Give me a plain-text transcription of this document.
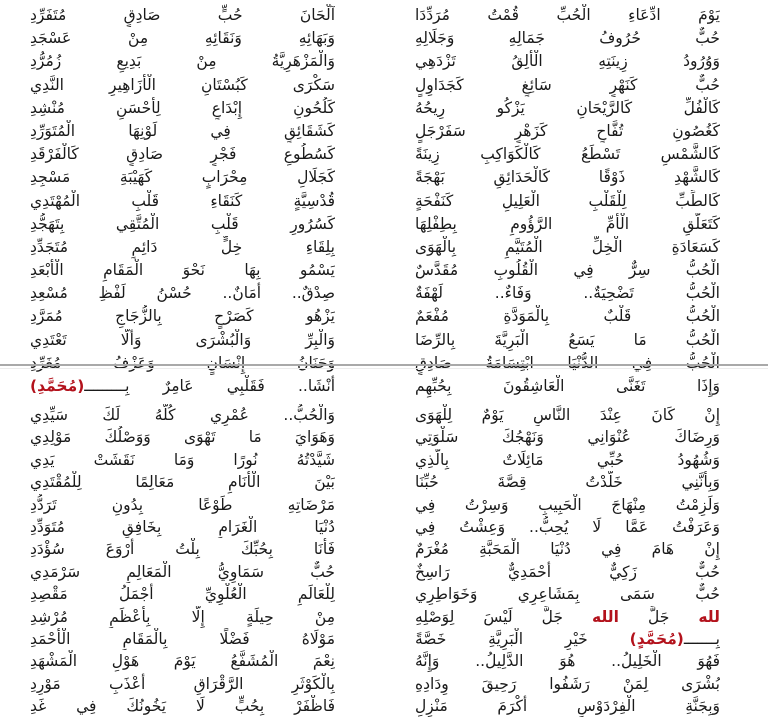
يَوْمَ ادِّعَاءِ الْحُبِّ قُمْتُ مُرَدِّدَا
حُبٌّ حُرُوفُ جَمَالِهِ وَجَلَالِهِ
وَوُرُودُ زِينَتِهِ الْأَلِقُ تَزْدَهِي
حُبٌّ كَنَهْرٍ سَائِغٍ كَجَدَاوِلٍ
كَالْفُلِّ كَالرَّيْحَانِ يَزْكُو رِيحُهُ
كَغُصُونِ تُفَّاحٍ كَزَهْرٍ سَفَرْجَلٍ
كَالشَّمْسِ تَسْطَعُ كَالْكَوَاكِبِ زِينَةً
كَالشَّهْدِ ذَوْقًا كَالْحَدَائِقِ بَهْجَةً
كَالطِّبِّ لِلْقَلْبِ الْعَلِيلِ كَنَفْحَةٍ
كَتَعَلُّقِ الْأُمِّ الرَّؤُومِ بِطِفْلِهَا
كَسَعَادَةِ الْخِلِّ الْمُتَيَّمِ بِالْهَوَى
الْحُبُّ سِرٌّ فِي الْقُلُوبِ مُقَدَّسٌ
الْحُبُّ تَضْحِيَةٌ.. وَفَاءٌ.. لَهْفَةٌ
الْحُبُّ قَلْبٌ بِالْمَوَدَّةِ مُفْعَمٌ
الْحُبُّ مَا يَسَعُ الْبَرِيَّةَ بِالرِّضَا
الْحُبُّ فِي الدُّنْيَا ابْتِسَامَةُ صَادِقٍ
وَإِذَا تَغَنَّى الْعَاشِقُونَ بِحُبِّهِم
آلْحَانَ حُبٍّ صَادِقٍ مُتَفَرِّدِ
وَبَهَائِهِ وَنَقَائِهِ مِنْ عَسْجَدِ
وَالْمَزْهَرِيَّةُ مِنْ بَدِيعِ زُمُرُّدِ
سَكْرَى كَبُسْتَانِ الْأَزَاهِيرِ النَّدِي
كَلُحُونِ إِبْدَاعٍ لِأَحْسَنِ مُنْشِدِ
كَشَقَائِقٍ فِي لَوْنِهَا الْمُتَوَرِّدِ
كَسُطُوعِ فَجْرٍ صَادِقٍ كَالْفَرْقَدِ
كَجَلَالِ مِحْرَابٍ كَهَيْبَةِ مَسْجِدِ
قُدْسِيَّةٍ كَنَقَاءِ قَلْبِ الْمُهْتَدِي
كَسُرُورِ قَلْبِ الْمُتَّقِي بِتَهَجُّدِ
بِلِقَاءِ خِلٍّ دَائِمٍ مُتَجَدِّدِ
يَسْمُو بِهَا نَحْوَ الْمَقَامِ الْأَبْعَدِ
صِدْقٌ.. أَمَانٌ.. حُسْنُ لَفْظِ مُسْعِدِ
يَزْهُو كَصَرْحٍ بِالزُّجَاجِ مُمَرَّدِ
وَالْبِرِّ وَالْبُشْرَى وَأَلَّا تَعْتَدِي
وَحَنَانُ إِنْسَانٍ وَعَزْفُ مُغَرِّدِ
أَنْشَا.. فَقَلْبِي عَامِرٌ بِـــــــــ(مُحَمَّدِ)
إِنْ كَانَ عِنْدَ النَّاسِ يَوْمٌ لِلْهَوَى
وَرِضَاكَ عُنْوَانِي وَنَهْجُكَ سَلْوَتِي
وَشُهُودُ حُبِّي مَائِلَاتٌ بِالَّذِي
وَبِأَنَّنِي خَلَّدْتُ قِصَّةَ حُبِّنَا
وَلَزِمْتُ مِنْهَاجَ الْحَبِيبِ وَسِرْتُ فِي
وَعَرَفْتُ عَمَّا لَا يُحِبُّ.. وَعِشْتُ فِي
إِنْ هَامَ فِي دُنْيَا الْمَحَبَّةِ مُغْرَمٌ
حُبٌّ زَكِيٌّ أَحْمَدِيٌّ رَاسِخٌ
حُبٌّ سَمَى بِمَشَاعِرِي وَخَوَاطِرِي
لله جَلَّ الله جَلَّ لَيْسَ لِوَصْلِهِ
بِـــــــ(مُحَمَّدٍ) خَيْرِ الْبَرِيَّةِ خَصَّةً
فَهُوَ الْخَلِيلُ.. هُوَ الدَّلِيلُ.. وَإِنَّهُ
بُشْرَى لِمَنْ رَشَفُوا رَحِيقَ وِدَادِهِ
وَبِجَنَّةِ الْفِرْدَوْسِ أَكْرَمَ مَنْزِلِ
وَالْحُبُّ.. عُمْرِي كُلُّهُ لَكَ سَيِّدِي
وَهَوَايَ مَا تَهْوَى وَوَصْلُكَ مَوْلِدِي
شَيَّدْتُهُ نُورًا وَمَا نَقَشَتْ يَدِي
بَيْنَ الْأَنَامِ مَعَالِمًا لِلْمُقْتَدِي
مَرْضَاتِهِ طَوْعًا بِدُونِ تَرَدُّدِ
دُنْيَا الْغَرَامِ بِخَافِقٍ مُتَوَدِّدِ
فَأَنَا بِحُبِّكَ بِلْتُ أَرْوَعَ سُؤْدَدِ
حُبٌّ سَمَاوِيُّ الْمَعَالِمِ سَرْمَدِي
لِلْعَالَمِ الْعُلْوِيِّ أَجْمَلُ مَقْصِدِ
مِنْ حِيلَةٍ إِلَّا بِأَعْظَمِ مُرْشِدِ
مَوْلَاهُ فَضْلًا بِالْمَقَامِ الْأَحْمَدِ
نِعْمَ الْمُشَفَّعُ يَوْمَ هَوْلِ الْمَشْهَدِ
بِالْكَوْثَرِ الرَّقْرَاقِ أَعْذَبِ مَوْرِدِ
فَاظْفَرْ بِحُبٍّ لَا يَخُونُكَ فِي غَدِ
